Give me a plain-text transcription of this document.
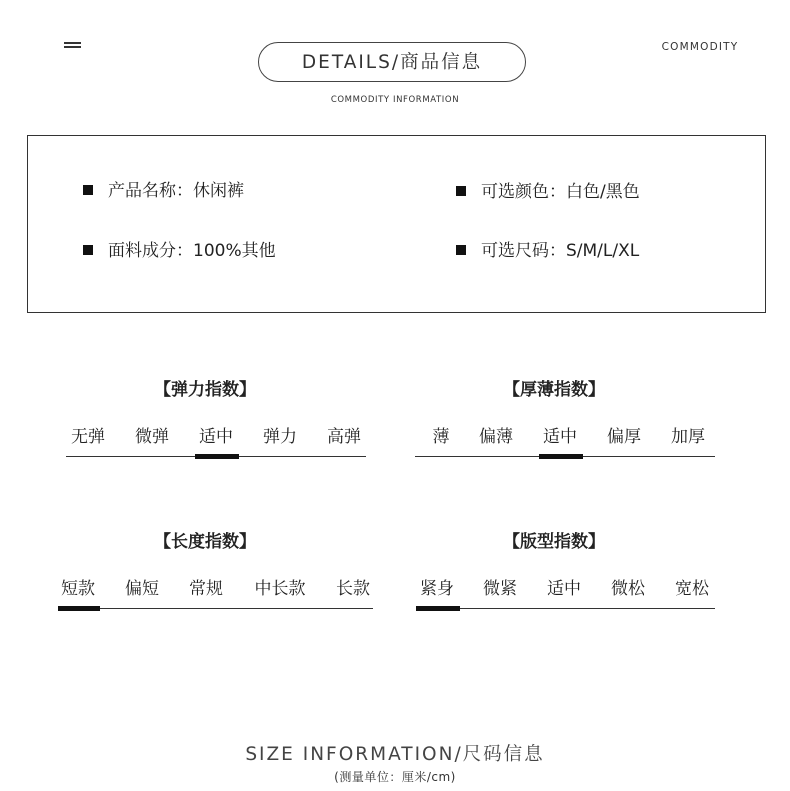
COMMODITY
DETAILS/商品信息
COMMODITY INFORMATION
产品名称：休闲裤	可选颜色：白色/黑色
面料成分：100%其他	可选尺码：S/M/L/XL
【弹力指数】
无弹	微弹	适中	弹力	高弹
【厚薄指数】
薄	偏薄	适中	偏厚	加厚
【长度指数】
短款	偏短	常规	中长款	长款
【版型指数】
紧身	微紧	适中	微松	宽松
SIZE INFORMATION/尺码信息
(测量单位：厘米/cm)
